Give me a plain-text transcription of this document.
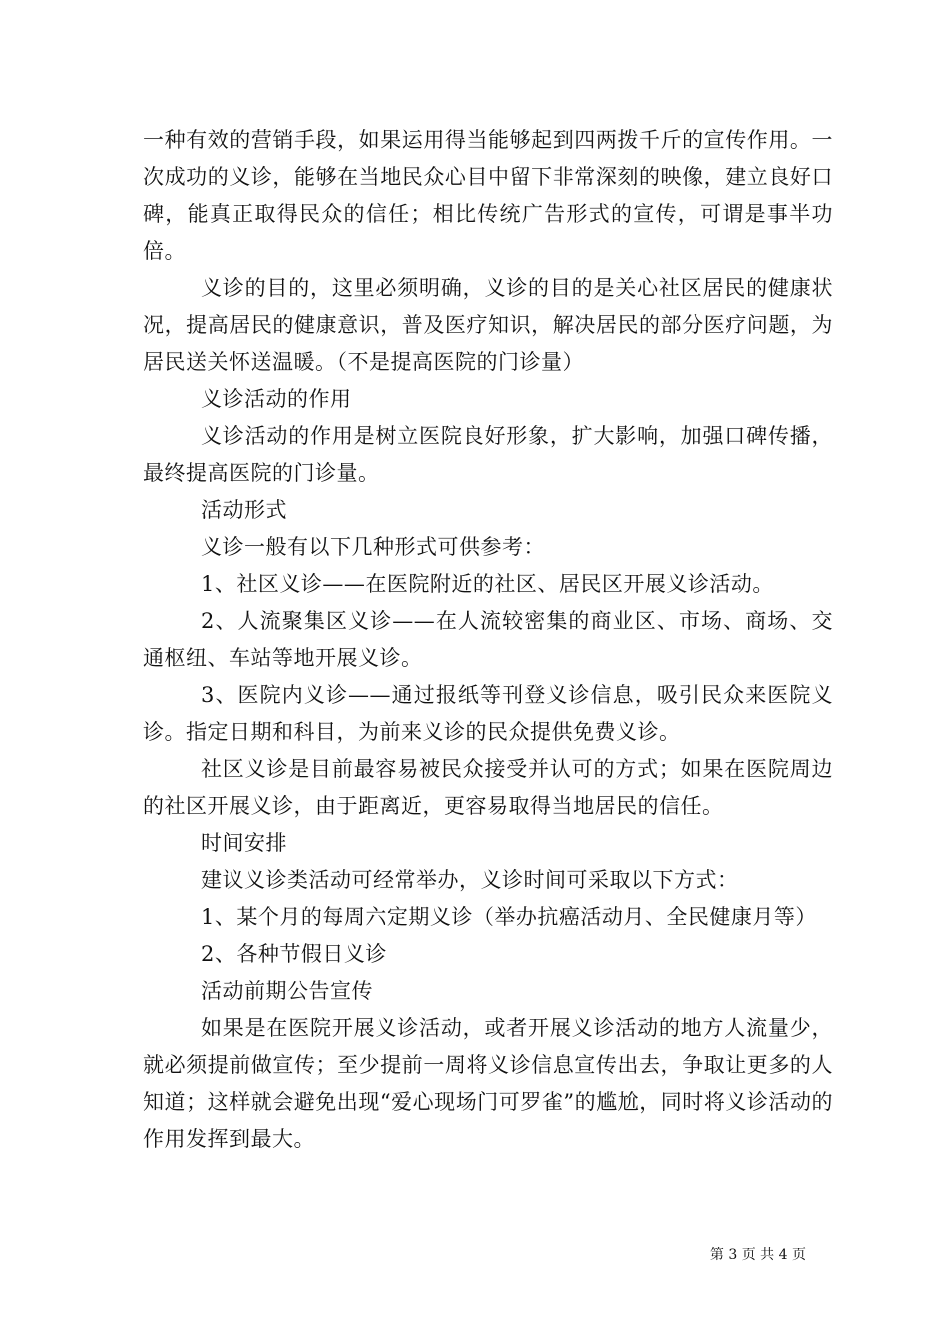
一种有效的营销手段，如果运用得当能够起到四两拨千斤的宣传作用。一次成功的义诊，能够在当地民众心目中留下非常深刻的映像，建立良好口碑，能真正取得民众的信任；相比传统广告形式的宣传，可谓是事半功倍。

义诊的目的，这里必须明确，义诊的目的是关心社区居民的健康状况，提高居民的健康意识，普及医疗知识，解决居民的部分医疗问题，为居民送关怀送温暖。（不是提高医院的门诊量）

义诊活动的作用

义诊活动的作用是树立医院良好形象，扩大影响，加强口碑传播，最终提高医院的门诊量。

活动形式

义诊一般有以下几种形式可供参考：

1、社区义诊——在医院附近的社区、居民区开展义诊活动。

2、人流聚集区义诊——在人流较密集的商业区、市场、商场、交通枢纽、车站等地开展义诊。

3、医院内义诊——通过报纸等刊登义诊信息，吸引民众来医院义诊。指定日期和科目，为前来义诊的民众提供免费义诊。

社区义诊是目前最容易被民众接受并认可的方式；如果在医院周边的社区开展义诊，由于距离近，更容易取得当地居民的信任。

时间安排

建议义诊类活动可经常举办，义诊时间可采取以下方式：

1、某个月的每周六定期义诊（举办抗癌活动月、全民健康月等）

2、各种节假日义诊

活动前期公告宣传

如果是在医院开展义诊活动，或者开展义诊活动的地方人流量少，就必须提前做宣传；至少提前一周将义诊信息宣传出去，争取让更多的人知道；这样就会避免出现“爱心现场门可罗雀”的尴尬，同时将义诊活动的作用发挥到最大。

第 3 页 共 4 页
